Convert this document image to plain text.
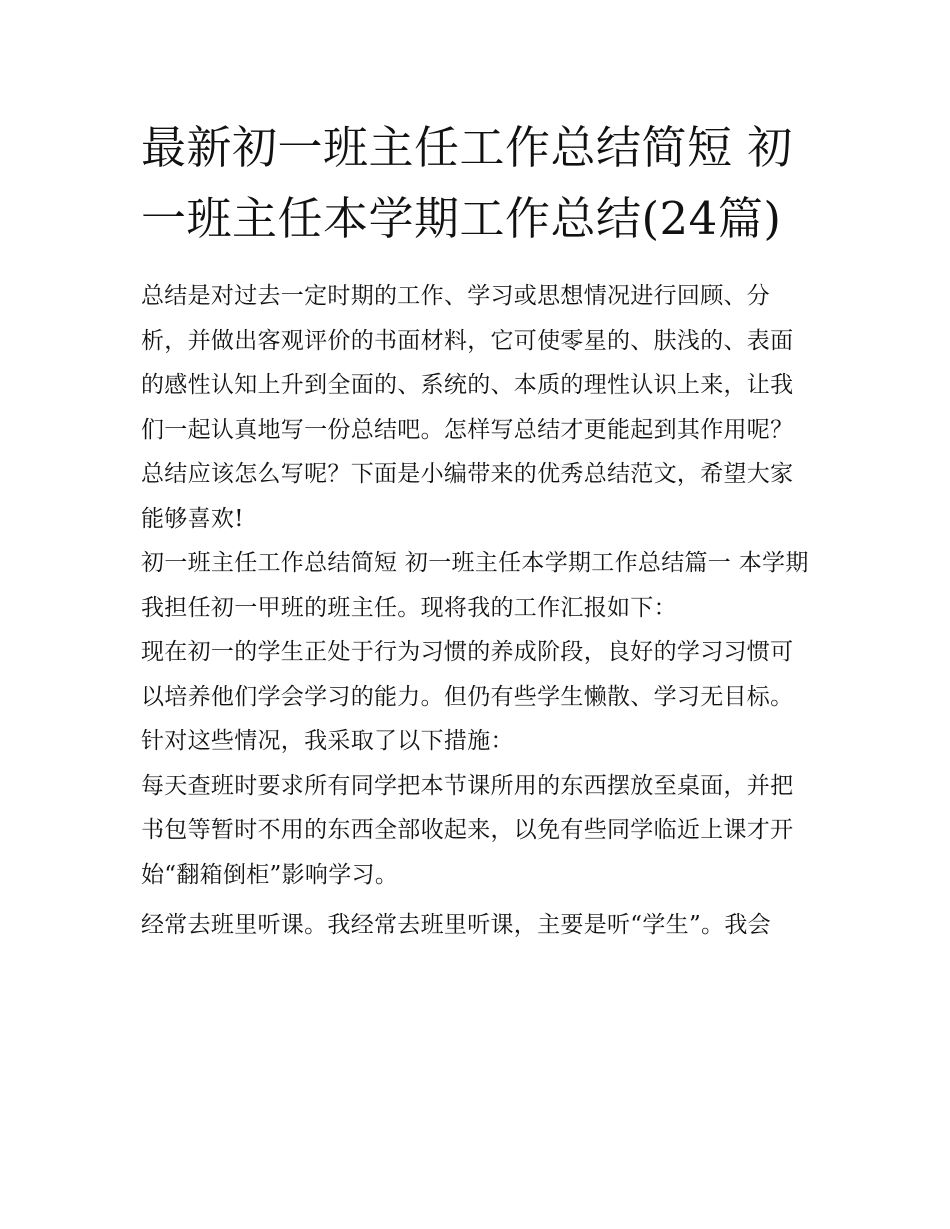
最新初一班主任工作总结简短 初一班主任本学期工作总结(24篇)

总结是对过去一定时期的工作、学习或思想情况进行回顾、分析，并做出客观评价的书面材料，它可使零星的、肤浅的、表面的感性认知上升到全面的、系统的、本质的理性认识上来，让我们一起认真地写一份总结吧。怎样写总结才更能起到其作用呢？总结应该怎么写呢？下面是小编带来的优秀总结范文，希望大家能够喜欢!

初一班主任工作总结简短 初一班主任本学期工作总结篇一 本学期我担任初一甲班的班主任。现将我的工作汇报如下：

现在初一的学生正处于行为习惯的养成阶段，良好的学习习惯可以培养他们学会学习的能力。但仍有些学生懒散、学习无目标。针对这些情况，我采取了以下措施：

每天查班时要求所有同学把本节课所用的东西摆放至桌面，并把书包等暂时不用的东西全部收起来，以免有些同学临近上课才开始“翻箱倒柜”影响学习。

经常去班里听课。我经常去班里听课，主要是听“学生”。我会
